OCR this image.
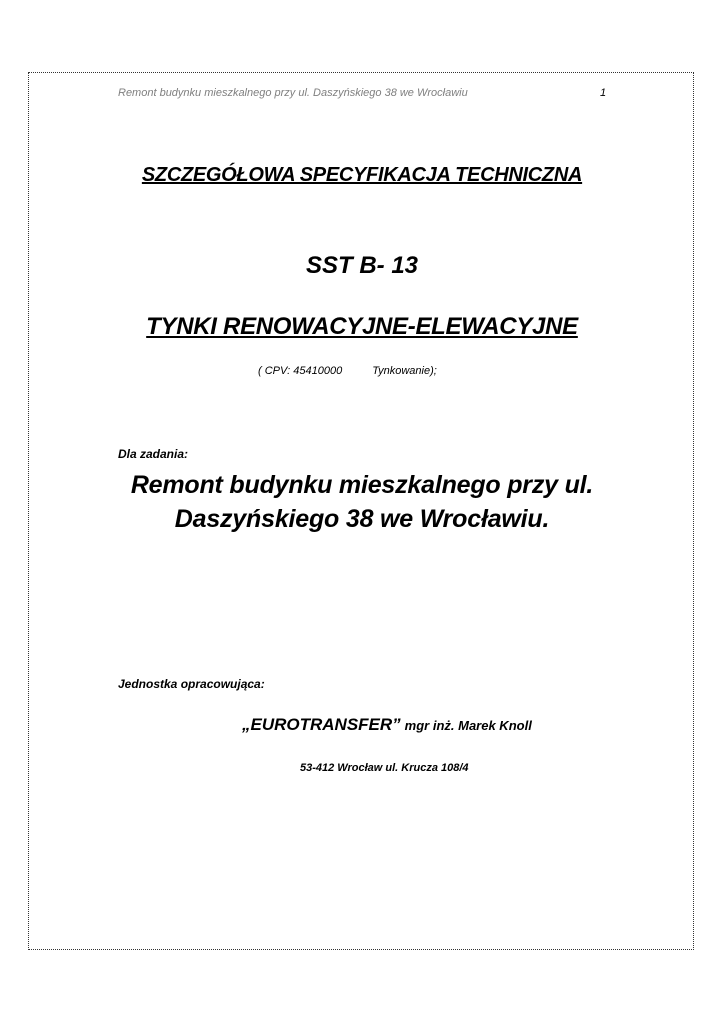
Remont budynku mieszkalnego przy ul. Daszyńskiego 38 we Wrocławiu	1
SZCZEGÓŁOWA SPECYFIKACJA TECHNICZNA
SST B- 13
TYNKI RENOWACYJNE-ELEWACYJNE
( CPV: 45410000	Tynkowanie);
Dla zadania:
Remont budynku mieszkalnego przy ul.
Daszyńskiego 38 we Wrocławiu.
Jednostka opracowująca:
„EUROTRANSFER” mgr inż. Marek Knoll
53-412 Wrocław ul. Krucza 108/4
